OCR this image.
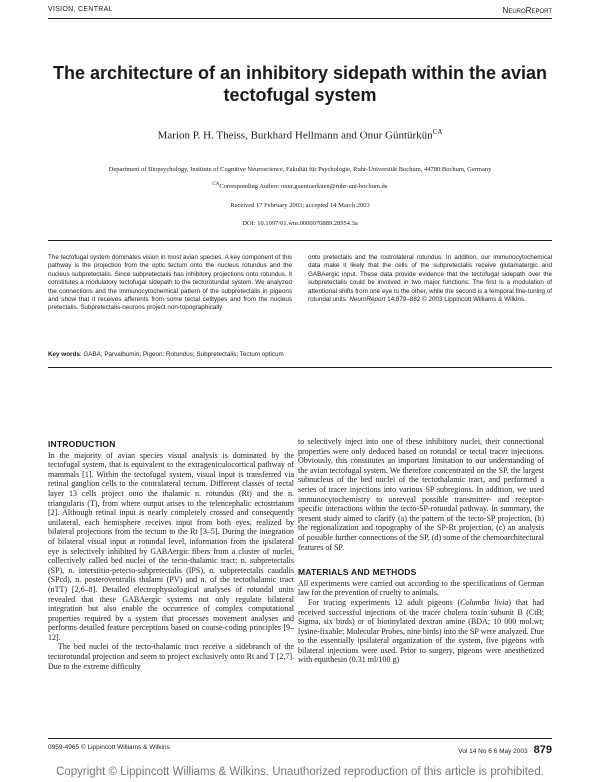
VISION, CENTRAL	NeuroReport
The architecture of an inhibitory sidepath within the avian tectofugal system
Marion P. H. Theiss, Burkhard Hellmann and Onur Güntürkün$^{CA}$
Department of Biopsychology, Institute of Cognitive Neuroscience, Fakultät für Psychologie, Ruhr-Universität Bochum, 44780 Bochum, Germany
$^{CA}$Corresponding Author: onur.guentuerkuen@ruhr-uni-bochum.de
Received 17 February 2003; accepted 14 March 2003
DOI: 10.1097/01.wnr.0000070889.28954.3a
The tectofugal system dominates vision in most avian species. A key component of this pathway is the projection from the optic tectum onto the nucleus rotundus and the nucleus subpretectalis. Since subpretectalis has inhibitory projections onto rotundus, it constitutes a modulatory tectofugal sidepath to the tectorotundal system. We analyzed the connections and the immunocytochemical pattern of the subpretectalis in pigeons and show that it receives afferents from some tectal celltypes and from the nucleus pretectalis. Subpretectalis-neurons project non-topographically
onto pretectalis and the rostrolateral rotundus. In addition, our immunocytochemical data make it likely that the cells of the subpretectalis receive glutamatergic and GABAergic input. These data provide evidence that the tectofugal sidepath over the subpretectalis could be involved in two major functions: The first is a modulation of attentional shifts from one eye to the other, while the second is a temporal fine-tuning of rotundal units. NeuroReport 14:879–882 © 2003 Lippincott Williams & Wilkins.
Key words: GABA; Parvalbumin; Pigeon; Rotundus; Subpretectalis; Tectum opticum
INTRODUCTION

In the majority of avian species visual analysis is dominated by the tectofugal system, that is equivalent to the extrageniculocortical pathway of mammals [1]. Within the tectofugal system, visual input is transferred via retinal ganglion cells to the contralateral tectum. Different classes of tectal layer 13 cells project onto the thalamic n. rotundus (Rt) and the n. triangularis (T), from where output arises to the telencephalic ectostriatum [2]. Although retinal input is nearly completely crossed and consequently unilateral, each hemisphere receives input from both eyes, realized by bilateral projections from the tectum to the Rt [3–5]. During the integration of bilateral visual input at rotundal level, information from the ipsilateral eye is selectively inhibited by GABAergic fibers from a cluster of nuclei, collectively called bed nuclei of the tecto-thalamic tract: n. subpretectalis (SP), n. interstitio-petecto-subpretectalis (IPS), n. subpretectalis caudalis (SPcd), n. posteroventralis thalami (PV) and n. of the tectothalamic tract (nTT) [2,6–8]. Detailed electrophysiological analyses of rotundal units revealed that these GABAergic systems not only regulate bilateral integration but also enable the occurrence of complex computational properties required by a system that processes movement analyses and performs detailed feature perceptions based on coarse-coding principles [9–12].

The bed nuclei of the tecto-thalamic tract receive a sidebranch of the tectorotundal projection and seem to project exclusively onto Rt and T [2,7]. Due to the extreme difficulty

to selectively inject into one of these inhibitory nuclei, their connectional properties were only deduced based on rotundal or tectal tracer injections. Obviously, this constitutes an important limitation to our understanding of the avian tectofugal system. We therefore concentrated on the SP, the largest subnucleus of the bed nuclei of the tectothalamic tract, and performed a series of tracer injections into various SP subregions. In addition, we used immunocytochemistry to unreveal possible transmitter- and receptor-specific interactions within the tecto-SP-rotundal pathway. In summary, the present study aimed to clarify (a) the pattern of the tecto-SP projection, (b) the regionalization and topography of the SP-Rt projection, (c) an analysis of possible further connections of the SP, (d) some of the chemoarchitectural features of SP.

MATERIALS AND METHODS

All experiments were carried out according to the specifications of German law for the prevention of cruelty to animals.

For tracing experiments 12 adult pigeons (Columba livia) that had received successful injections of the tracer cholera toxin subunit B (CtB; Sigma, six birds) or of biotinylated dextran amine (BDA; 10 000 mol.wt; lysine-fixable; Molecular Probes, nine birds) into the SP were analyzed. Due to the essentially ipsilateral organization of the system, five pigeons with bilateral injections were used. Prior to surgery, pigeons were anesthetized with equithesin (0.31 ml/100 g)

0959-4965 © Lippincott Williams & Wilkins
Vol 14 No 6 6 May 2003 879
Copyright © Lippincott Williams & Wilkins. Unauthorized reproduction of this article is prohibited.
